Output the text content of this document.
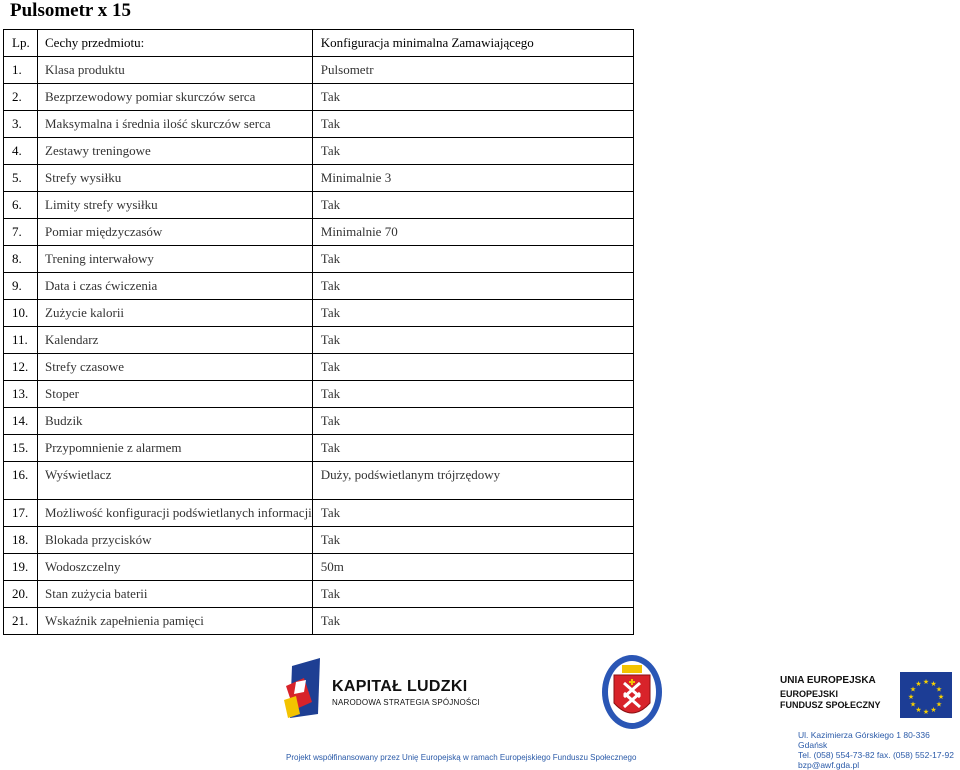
Pulsometr x 15
Lp.	Cechy przedmiotu:	Konfiguracja minimalna Zamawiającego
1.	Klasa produktu	Pulsometr
2.	Bezprzewodowy pomiar skurczów serca	Tak
3.	Maksymalna i średnia ilość skurczów serca	Tak
4.	Zestawy treningowe	Tak
5.	Strefy wysiłku	Minimalnie 3
6.	Limity strefy wysiłku	Tak
7.	Pomiar międzyczasów	Minimalnie 70
8.	Trening interwałowy	Tak
9.	Data i czas ćwiczenia	Tak
10.	Zużycie kalorii	Tak
11.	Kalendarz	Tak
12.	Strefy czasowe	Tak
13.	Stoper	Tak
14.	Budzik	Tak
15.	Przypomnienie z alarmem	Tak
16.	Wyświetlacz	Duży, podświetlanym trójrzędowy
17.	Możliwość konfiguracji podświetlanych informacji	Tak
18.	Blokada przycisków	Tak
19.	Wodoszczelny	50m
20.	Stan zużycia baterii	Tak
21.	Wskaźnik zapełnienia pamięci	Tak
KAPITAŁ LUDZKI
NARODOWA STRATEGIA SPÓJNOŚCI
UNIA EUROPEJSKA
EUROPEJSKI
FUNDUSZ SPOŁECZNY
★
★
★
★
★
★
★
★
★ ★ ★
★
Ul. Kazimierza Górskiego 1 80-336 Gdańsk
Tel. (058) 554-73-82 fax. (058) 552-17-92
bzp@awf.gda.pl
Projekt współfinansowany przez Unię Europejską w ramach Europejskiego Funduszu Społecznego
